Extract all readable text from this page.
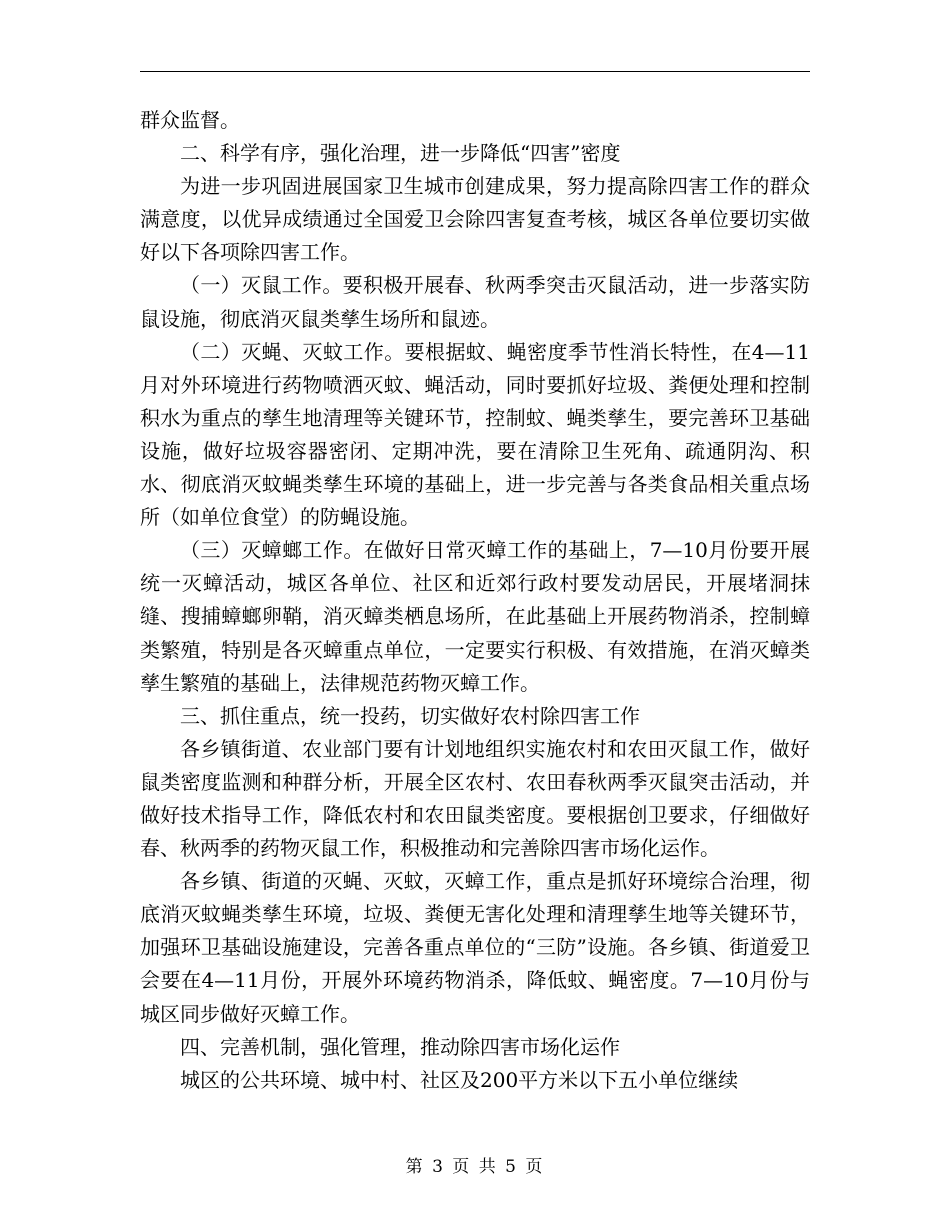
群众监督。

二、科学有序，强化治理，进一步降低“四害”密度

为进一步巩固进展国家卫生城市创建成果，努力提高除四害工作的群众满意度，以优异成绩通过全国爱卫会除四害复查考核，城区各单位要切实做好以下各项除四害工作。

（一）灭鼠工作。要积极开展春、秋两季突击灭鼠活动，进一步落实防鼠设施，彻底消灭鼠类孳生场所和鼠迹。

（二）灭蝇、灭蚊工作。要根据蚊、蝇密度季节性消长特性，在4—11月对外环境进行药物喷洒灭蚊、蝇活动，同时要抓好垃圾、粪便处理和控制积水为重点的孳生地清理等关键环节，控制蚊、蝇类孳生，要完善环卫基础设施，做好垃圾容器密闭、定期冲洗，要在清除卫生死角、疏通阴沟、积水、彻底消灭蚊蝇类孳生环境的基础上，进一步完善与各类食品相关重点场所（如单位食堂）的防蝇设施。

（三）灭蟑螂工作。在做好日常灭蟑工作的基础上，7—10月份要开展统一灭蟑活动，城区各单位、社区和近郊行政村要发动居民，开展堵洞抹缝、搜捕蟑螂卵鞘，消灭蟑类栖息场所，在此基础上开展药物消杀，控制蟑类繁殖，特别是各灭蟑重点单位，一定要实行积极、有效措施，在消灭蟑类孳生繁殖的基础上，法律规范药物灭蟑工作。

三、抓住重点，统一投药，切实做好农村除四害工作

各乡镇街道、农业部门要有计划地组织实施农村和农田灭鼠工作，做好鼠类密度监测和种群分析，开展全区农村、农田春秋两季灭鼠突击活动，并做好技术指导工作，降低农村和农田鼠类密度。要根据创卫要求，仔细做好春、秋两季的药物灭鼠工作，积极推动和完善除四害市场化运作。

各乡镇、街道的灭蝇、灭蚊，灭蟑工作，重点是抓好环境综合治理，彻底消灭蚊蝇类孳生环境，垃圾、粪便无害化处理和清理孳生地等关键环节，加强环卫基础设施建设，完善各重点单位的“三防”设施。各乡镇、街道爱卫会要在4—11月份，开展外环境药物消杀，降低蚊、蝇密度。7—10月份与城区同步做好灭蟑工作。

四、完善机制，强化管理，推动除四害市场化运作

城区的公共环境、城中村、社区及200平方米以下五小单位继续

第 3 页 共 5 页
